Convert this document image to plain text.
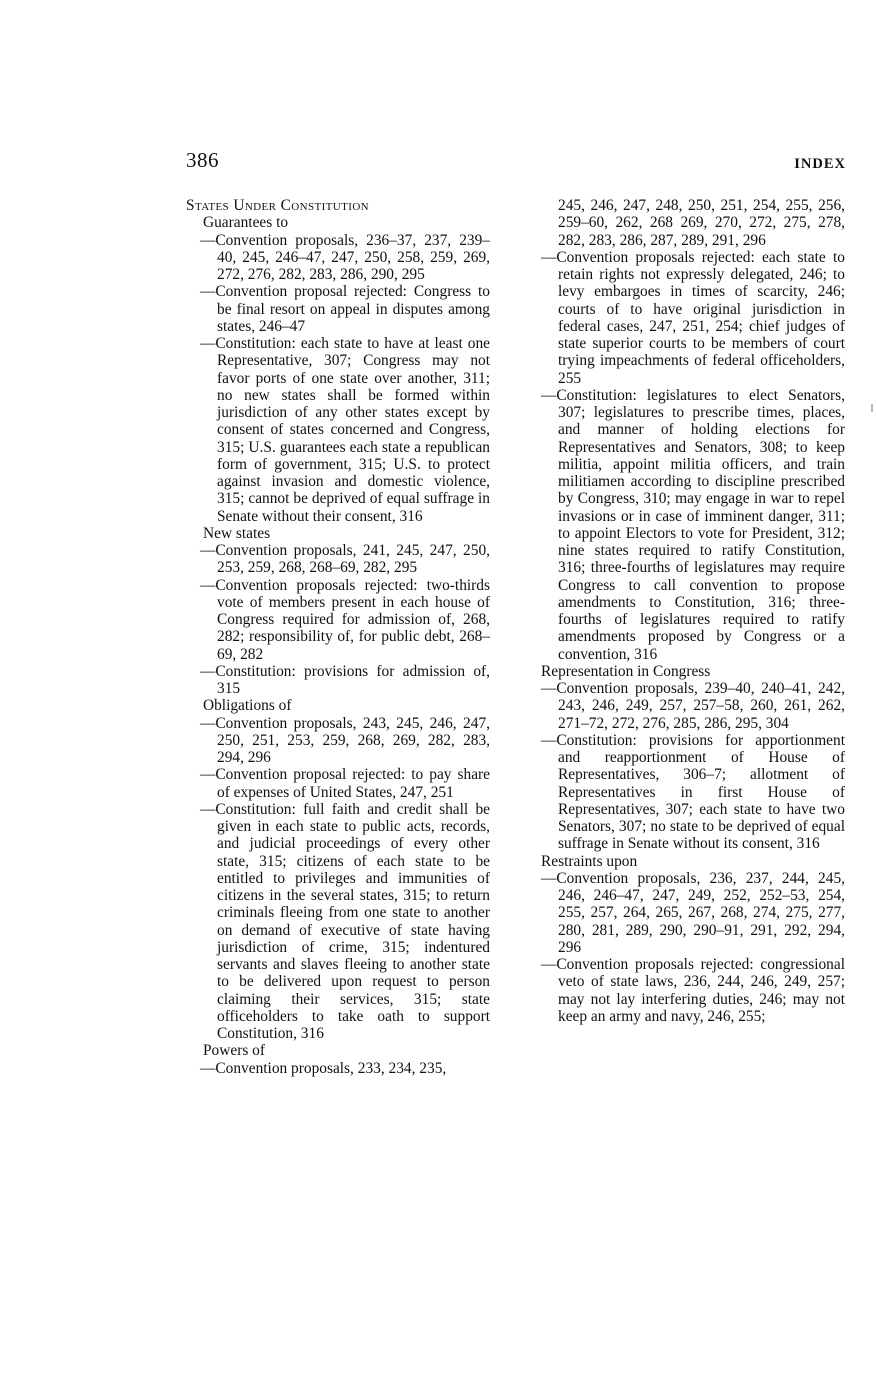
386	INDEX

States Under Constitution

Guarantees to

—Convention proposals, 236–37, 237, 239–40, 245, 246–47, 247, 250, 258, 259, 269, 272, 276, 282, 283, 286, 290, 295

—Convention proposal rejected: Congress to be final resort on appeal in disputes among states, 246–47

—Constitution: each state to have at least one Representative, 307; Congress may not favor ports of one state over another, 311; no new states shall be formed within jurisdiction of any other states except by consent of states concerned and Congress, 315; U.S. guarantees each state a republican form of government, 315; U.S. to protect against invasion and domestic violence, 315; cannot be deprived of equal suffrage in Senate without their consent, 316

New states

—Convention proposals, 241, 245, 247, 250, 253, 259, 268, 268–69, 282, 295

—Convention proposals rejected: two-thirds vote of members present in each house of Congress required for admission of, 268, 282; responsibility of, for public debt, 268–69, 282

—Constitution: provisions for admission of, 315

Obligations of

—Convention proposals, 243, 245, 246, 247, 250, 251, 253, 259, 268, 269, 282, 283, 294, 296

—Convention proposal rejected: to pay share of expenses of United States, 247, 251

—Constitution: full faith and credit shall be given in each state to public acts, records, and judicial proceedings of every other state, 315; citizens of each state to be entitled to privileges and immunities of citizens in the several states, 315; to return criminals fleeing from one state to another on demand of executive of state having jurisdiction of crime, 315; indentured servants and slaves fleeing to another state to be delivered upon request to person claiming their services, 315; state officeholders to take oath to support Constitution, 316

Powers of

—Convention proposals, 233, 234, 235,

245, 246, 247, 248, 250, 251, 254, 255, 256, 259–60, 262, 268 269, 270, 272, 275, 278, 282, 283, 286, 287, 289, 291, 296

—Convention proposals rejected: each state to retain rights not expressly delegated, 246; to levy embargoes in times of scarcity, 246; courts of to have original jurisdiction in federal cases, 247, 251, 254; chief judges of state superior courts to be members of court trying impeachments of federal officeholders, 255

—Constitution: legislatures to elect Senators, 307; legislatures to prescribe times, places, and manner of holding elections for Representatives and Senators, 308; to keep militia, appoint militia officers, and train militiamen according to discipline prescribed by Congress, 310; may engage in war to repel invasions or in case of imminent danger, 311; to appoint Electors to vote for President, 312; nine states required to ratify Constitution, 316; three-fourths of legislatures may require Congress to call convention to propose amendments to Constitution, 316; three-fourths of legislatures required to ratify amendments proposed by Congress or a convention, 316

Representation in Congress

—Convention proposals, 239–40, 240–41, 242, 243, 246, 249, 257, 257–58, 260, 261, 262, 271–72, 272, 276, 285, 286, 295, 304

—Constitution: provisions for apportionment and reapportionment of House of Representatives, 306–7; allotment of Representatives in first House of Representatives, 307; each state to have two Senators, 307; no state to be deprived of equal suffrage in Senate without its consent, 316

Restraints upon

—Convention proposals, 236, 237, 244, 245, 246, 246–47, 247, 249, 252, 252–53, 254, 255, 257, 264, 265, 267, 268, 274, 275, 277, 280, 281, 289, 290, 290–91, 291, 292, 294, 296

—Convention proposals rejected: congressional veto of state laws, 236, 244, 246, 249, 257; may not lay interfering duties, 246; may not keep an army and navy, 246, 255;
